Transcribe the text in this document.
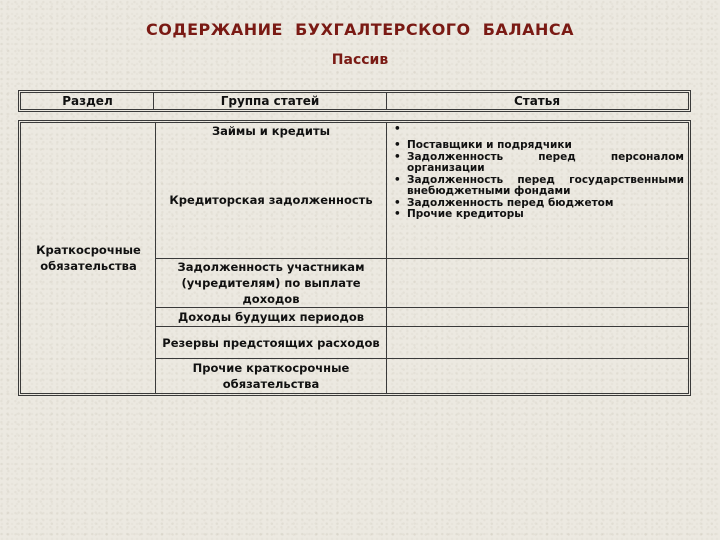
СОДЕРЖАНИЕ  БУХГАЛТЕРСКОГО  БАЛАНСА
Пассив
Раздел	Группа статей	Статья
Краткосрочные обязательства
Займы и кредиты
Кредиторская задолженность
Задолженность участникам (учредителям) по выплате доходов
Доходы будущих периодов
Резервы предстоящих расходов
Прочие краткосрочные обязательства
•
• Поставщики и подрядчики
• Задолженность перед персоналом организации
• Задолженность перед государственными внебюджетными фондами
• Задолженность перед бюджетом
• Прочие кредиторы
